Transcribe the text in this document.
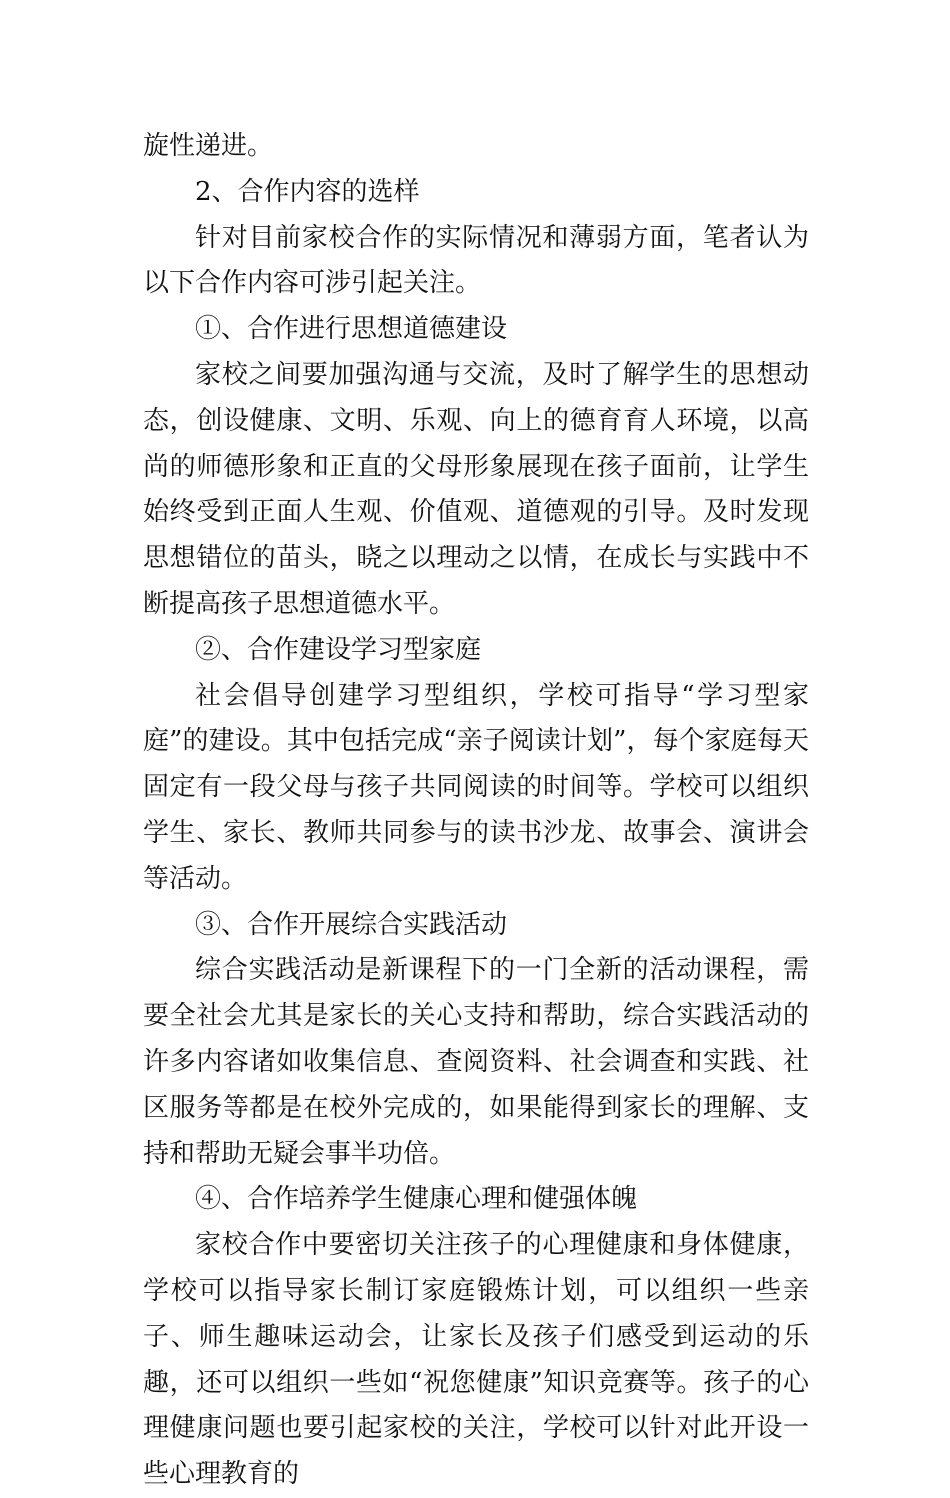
旋性递进。

2、合作内容的选样

针对目前家校合作的实际情况和薄弱方面，笔者认为以下合作内容可涉引起关注。

①、合作进行思想道德建设

家校之间要加强沟通与交流，及时了解学生的思想动态，创设健康、文明、乐观、向上的德育育人环境，以高尚的师德形象和正直的父母形象展现在孩子面前，让学生始终受到正面人生观、价值观、道德观的引导。及时发现思想错位的苗头，晓之以理动之以情，在成长与实践中不断提高孩子思想道德水平。

②、合作建设学习型家庭

社会倡导创建学习型组织，学校可指导“学习型家庭”的建设。其中包括完成“亲子阅读计划”，每个家庭每天固定有一段父母与孩子共同阅读的时间等。学校可以组织学生、家长、教师共同参与的读书沙龙、故事会、演讲会等活动。

③、合作开展综合实践活动

综合实践活动是新课程下的一门全新的活动课程，需要全社会尤其是家长的关心支持和帮助，综合实践活动的许多内容诸如收集信息、查阅资料、社会调查和实践、社区服务等都是在校外完成的，如果能得到家长的理解、支持和帮助无疑会事半功倍。

④、合作培养学生健康心理和健强体魄

家校合作中要密切关注孩子的心理健康和身体健康，学校可以指导家长制订家庭锻炼计划，可以组织一些亲子、师生趣味运动会，让家长及孩子们感受到运动的乐趣，还可以组织一些如“祝您健康”知识竞赛等。孩子的心理健康问题也要引起家校的关注，学校可以针对此开设一些心理教育的
